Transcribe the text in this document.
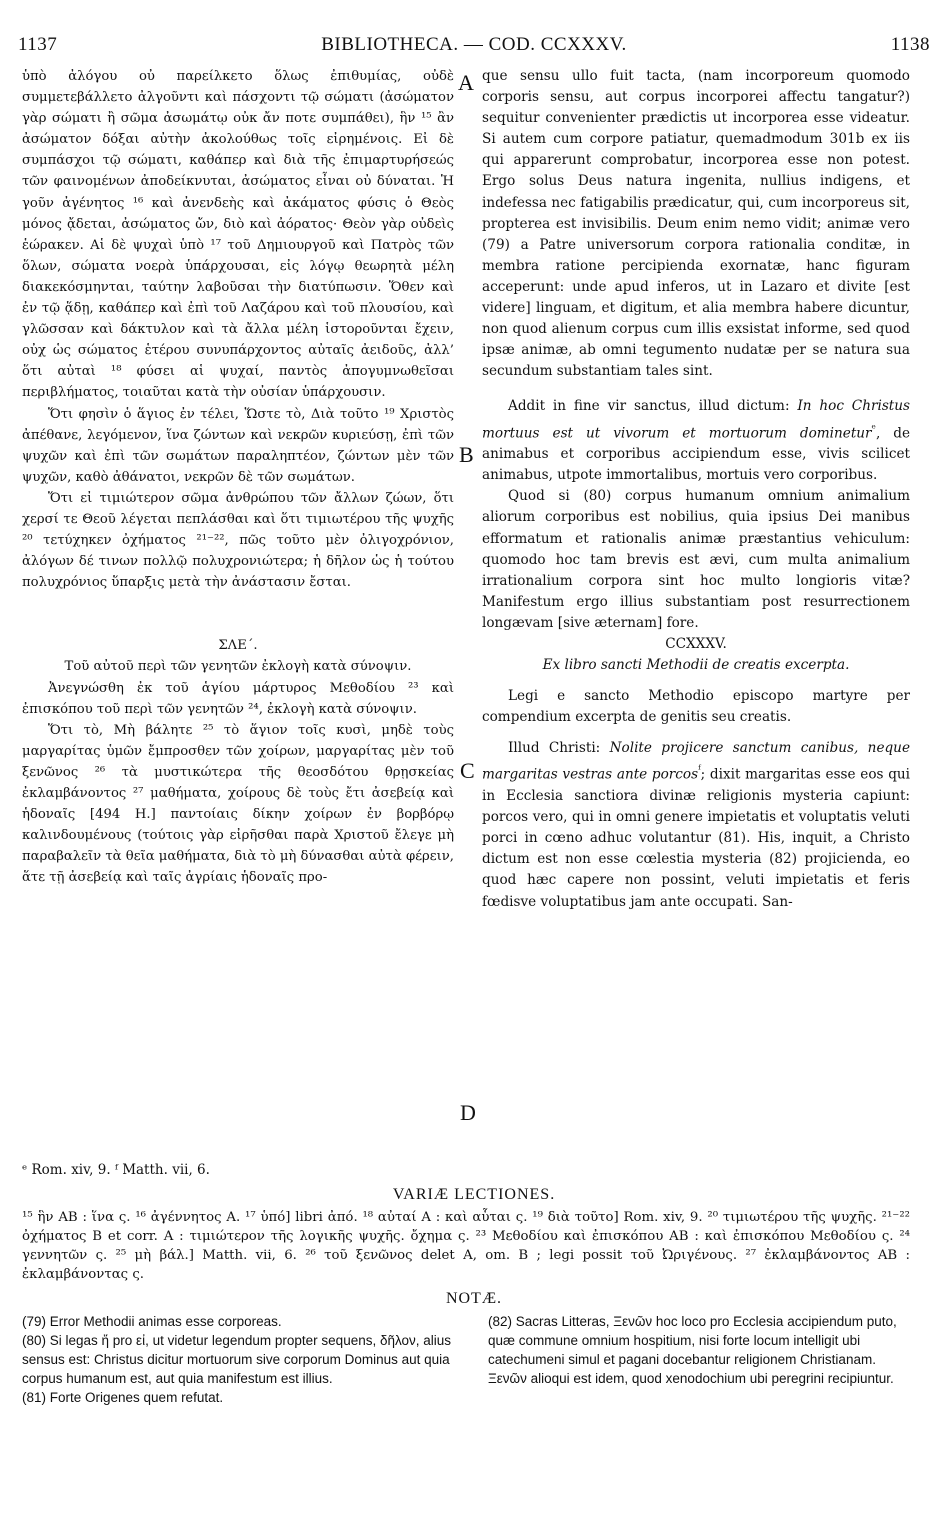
1137	BIBLIOTHECA. — COD. CCXXXV.	1138

ὑπὸ ἀλόγου οὐ παρείλκετο ὅλως ἐπιθυμίας, οὐδὲ συμμετεβάλλετο ἀλγοῦντι καὶ πάσχοντι τῷ σώματι (ἀσώματον γὰρ σώματι ἢ σῶμα ἀσωμάτῳ οὐκ ἄν ποτε συμπάθει), ἣν ¹⁵ ἂν ἀσώματον δόξαι αὐτὴν ἀκολούθως τοῖς εἰρημένοις. Εἰ δὲ συμπάσχοι τῷ σώματι, καθάπερ καὶ διὰ τῆς ἐπιμαρτυρήσεώς τῶν φαινομένων ἀποδείκνυται, ἀσώματος εἶναι οὐ δύναται. Ἡ γοῦν ἀγένητος ¹⁶ καὶ ἀνενδεὴς καὶ ἀκάματος φύσις ὁ Θεὸς μόνος ᾄδεται, ἀσώματος ὤν, διὸ καὶ ἀόρατος· Θεὸν γὰρ οὐδεὶς ἑώρακεν. Αἱ δὲ ψυχαὶ ὑπὸ ¹⁷ τοῦ Δημιουργοῦ καὶ Πατρὸς τῶν ὅλων, σώματα νοερὰ ὑπάρχουσαι, εἰς λόγῳ θεωρητὰ μέλη διακεκόσμηνται, ταύτην λαβοῦσαι τὴν διατύπωσιν. Ὅθεν καὶ ἐν τῷ ᾅδῃ, καθάπερ καὶ ἐπὶ τοῦ Λαζάρου καὶ τοῦ πλουσίου, καὶ γλῶσσαν καὶ δάκτυλον καὶ τὰ ἄλλα μέλη ἱστοροῦνται ἔχειν, οὐχ ὡς σώματος ἑτέρου συνυπάρχοντος αὐταῖς ἀειδοῦς, ἀλλ’ ὅτι αὐταὶ ¹⁸ φύσει αἱ ψυχαί, παντὸς ἀπογυμνωθεῖσαι περιβλήματος, τοιαῦται κατὰ τὴν οὐσίαν ὑπάρχουσιν.

Ὅτι φησὶν ὁ ἅγιος ἐν τέλει, Ὥστε τὸ, Διὰ τοῦτο ¹⁹ Χριστὸς ἀπέθανε, λεγόμενον, ἵνα ζώντων καὶ νεκρῶν κυριεύσῃ, ἐπὶ τῶν ψυχῶν καὶ ἐπὶ τῶν σωμάτων παραληπτέον, ζώντων μὲν τῶν ψυχῶν, καθὸ ἀθάνατοι, νεκρῶν δὲ τῶν σωμάτων.

Ὅτι εἰ τιμιώτερον σῶμα ἀνθρώπου τῶν ἄλλων ζώων, ὅτι χερσί τε Θεοῦ λέγεται πεπλάσθαι καὶ ὅτι τιμιωτέρου τῆς ψυχῆς ²⁰ τετύχηκεν ὀχήματος ²¹⁻²², πῶς τοῦτο μὲν ὀλιγοχρόνιον, ἀλόγων δέ τινων πολλῷ πολυχρονιώτερα; ἡ δῆλον ὡς ἡ τούτου πολυχρόνιος ὕπαρξις μετὰ τὴν ἀνάστασιν ἔσται.

ΣΛΕ΄.

Τοῦ αὐτοῦ περὶ τῶν γενητῶν ἐκλογὴ κατὰ σύνοψιν.

Ἀνεγνώσθη ἐκ τοῦ ἁγίου μάρτυρος Μεθοδίου ²³ καὶ ἐπισκόπου τοῦ περὶ τῶν γενητῶν ²⁴, ἐκλογὴ κατὰ σύνοψιν.

Ὅτι τὸ, Μὴ βάλητε ²⁵ τὸ ἅγιον τοῖς κυσὶ, μηδὲ τοὺς μαργαρίτας ὑμῶν ἔμπροσθεν τῶν χοίρων, μαργαρίτας μὲν τοῦ ξενῶνος ²⁶ τὰ μυστικώτερα τῆς θεοσδότου θρῃσκείας ἐκλαμβάνοντος ²⁷ μαθήματα, χοίρους δὲ τοὺς ἔτι ἀσεβείᾳ καὶ ἡδοναῖς [494 H.] παντοίαις δίκην χοίρων ἐν βορβόρῳ καλινδουμένους (τούτοις γὰρ εἰρῆσθαι παρὰ Χριστοῦ ἔλεγε μὴ παραβαλεῖν τὰ θεῖα μαθήματα, διὰ τὸ μὴ δύνασθαι αὐτὰ φέρειν, ἅτε τῇ ἀσεβείᾳ καὶ ταῖς ἀγρίαις ἡδοναῖς προ-

que sensu ullo fuit tacta, (nam incorporeum quomodo corporis sensu, aut corpus incorporei affectu tangatur?) sequitur convenienter prædictis ut incorporea esse videatur. Si autem cum corpore patiatur, quemadmodum 301b ex iis qui apparerunt comprobatur, incorporea esse non potest. Ergo solus Deus natura ingenita, nullius indigens, et indefessa nec fatigabilis prædicatur, qui, cum incorporeus sit, propterea est invisibilis. Deum enim nemo vidit; animæ vero (79) a Patre universorum corpora rationalia conditæ, in membra ratione percipienda exornatæ, hanc figuram acceperunt: unde apud inferos, ut in Lazaro et divite [est videre] linguam, et digitum, et alia membra habere dicuntur, non quod alienum corpus cum illis exsistat informe, sed quod ipsæ animæ, ab omni tegumento nudatæ per se natura sua secundum substantiam tales sint.

Addit in fine vir sanctus, illud dictum: In hoc Christus mortuus est ut vivorum et mortuorum dominetur$^ᵉ$, de animabus et corporibus accipiendum esse, vivis scilicet animabus, utpote immortalibus, mortuis vero corporibus.

Quod si (80) corpus humanum omnium animalium aliorum corporibus est nobilius, quia ipsius Dei manibus efformatum et rationalis animæ præstantius vehiculum: quomodo hoc tam brevis est ævi, cum multa animalium irrationalium corpora sint hoc multo longioris vitæ? Manifestum ergo illius substantiam post resurrectionem longævam [sive æternam] fore.

CCXXXV.

Ex libro sancti Methodii de creatis excerpta.

Legi e sancto Methodio episcopo martyre per compendium excerpta de genitis seu creatis.

Illud Christi: Nolite projicere sanctum canibus, neque margaritas vestras ante porcos$^ᶠ$; dixit margaritas esse eos qui in Ecclesia sanctiora divinæ religionis mysteria capiunt: porcos vero, qui in omni genere impietatis et voluptatis veluti porci in cœno adhuc volutantur (81). His, inquit, a Christo dictum est non esse cœlestia mysteria (82) projicienda, eo quod hæc capere non possint, veluti impietatis et feris fœdisve voluptatibus jam ante occupati. San-

A
B
C
D
ᵉ Rom. xiv, 9. ᶠ Matth. vii, 6.
VARIÆ LECTIONES.

¹⁵ ἣν AB : ἵνα ς. ¹⁶ ἀγέννητος A. ¹⁷ ὑπό] libri ἀπό. ¹⁸ αὐταί A : καὶ αὗται ς. ¹⁹ διὰ τοῦτο] Rom. xiv, 9. ²⁰ τιμιωτέρου τῆς ψυχῆς. ²¹⁻²² ὀχήματος B et corr. A : τιμιώτερον τῆς λογικῆς ψυχῆς. ὄχημα ς. ²³ Μεθοδίου καὶ ἐπισκόπου AB : καὶ ἐπισκόπου Μεθοδίου ς. ²⁴ γεννητῶν ς. ²⁵ μὴ βάλ.] Matth. vii, 6. ²⁶ τοῦ ξενῶνος delet A, om. B ; legi possit τοῦ Ὠριγένους. ²⁷ ἐκλαμβάνοντος AB : ἐκλαμβάνοντας ς.

NOTÆ.

(79) Error Methodii animas esse corporeas.

(80) Si legas ἤ pro εἰ, ut videtur legendum propter sequens, δῆλον, alius sensus est: Christus dicitur mortuorum sive corporum Dominus aut quia corpus humanum est, aut quia manifestum est illius.

(81) Forte Origenes quem refutat.

(82) Sacras Litteras, Ξενῶν hoc loco pro Ecclesia accipiendum puto, quæ commune omnium hospitium, nisi forte locum intelligit ubi catechumeni simul et pagani docebantur religionem Christianam. Ξενῶν alioqui est idem, quod xenodochium ubi peregrini recipiuntur.
